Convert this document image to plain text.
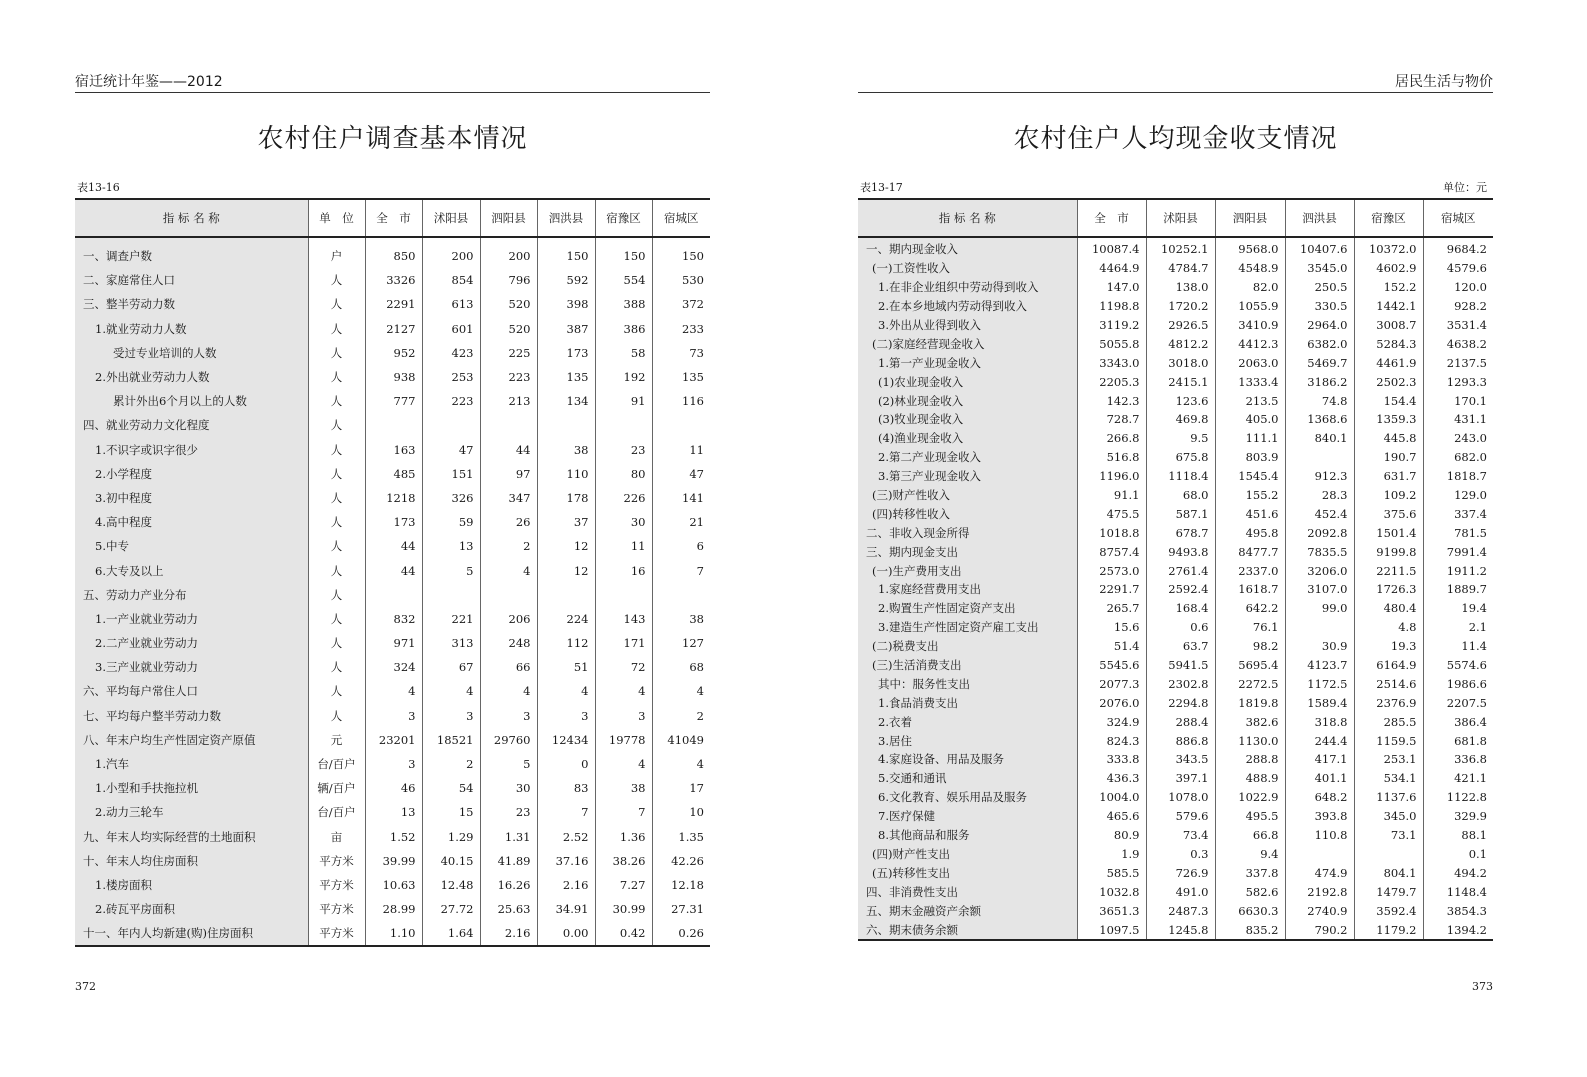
宿迁统计年鉴——2012
农村住户调查基本情况
表13-16
指 标 名 称	单　位	全　市	沭阳县	泗阳县	泗洪县	宿豫区	宿城区
一、调查户数	户	850	200	200	150	150	150
二、家庭常住人口	人	3326	854	796	592	554	530
三、整半劳动力数	人	2291	613	520	398	388	372
1.就业劳动力人数	人	2127	601	520	387	386	233
受过专业培训的人数	人	952	423	225	173	58	73
2.外出就业劳动力人数	人	938	253	223	135	192	135
累计外出6个月以上的人数	人	777	223	213	134	91	116
四、就业劳动力文化程度	人						
1.不识字或识字很少	人	163	47	44	38	23	11
2.小学程度	人	485	151	97	110	80	47
3.初中程度	人	1218	326	347	178	226	141
4.高中程度	人	173	59	26	37	30	21
5.中专	人	44	13	2	12	11	6
6.大专及以上	人	44	5	4	12	16	7
五、劳动力产业分布	人						
1.一产业就业劳动力	人	832	221	206	224	143	38
2.二产业就业劳动力	人	971	313	248	112	171	127
3.三产业就业劳动力	人	324	67	66	51	72	68
六、平均每户常住人口	人	4	4	4	4	4	4
七、平均每户整半劳动力数	人	3	3	3	3	3	2
八、年末户均生产性固定资产原值	元	23201	18521	29760	12434	19778	41049
1.汽车	台/百户	3	2	5	0	4	4
1.小型和手扶拖拉机	辆/百户	46	54	30	83	38	17
2.动力三轮车	台/百户	13	15	23	7	7	10
九、年末人均实际经营的土地面积	亩	1.52	1.29	1.31	2.52	1.36	1.35
十、年末人均住房面积	平方米	39.99	40.15	41.89	37.16	38.26	42.26
1.楼房面积	平方米	10.63	12.48	16.26	2.16	7.27	12.18
2.砖瓦平房面积	平方米	28.99	27.72	25.63	34.91	30.99	27.31
十一、年内人均新建(购)住房面积	平方米	1.10	1.64	2.16	0.00	0.42	0.26
372
居民生活与物价
农村住户人均现金收支情况
表13-17	单位：元
指 标 名 称	全　市	沭阳县	泗阳县	泗洪县	宿豫区	宿城区
一、期内现金收入	10087.4	10252.1	9568.0	10407.6	10372.0	9684.2
(一)工资性收入	4464.9	4784.7	4548.9	3545.0	4602.9	4579.6
1.在非企业组织中劳动得到收入	147.0	138.0	82.0	250.5	152.2	120.0
2.在本乡地域内劳动得到收入	1198.8	1720.2	1055.9	330.5	1442.1	928.2
3.外出从业得到收入	3119.2	2926.5	3410.9	2964.0	3008.7	3531.4
(二)家庭经营现金收入	5055.8	4812.2	4412.3	6382.0	5284.3	4638.2
1.第一产业现金收入	3343.0	3018.0	2063.0	5469.7	4461.9	2137.5
(1)农业现金收入	2205.3	2415.1	1333.4	3186.2	2502.3	1293.3
(2)林业现金收入	142.3	123.6	213.5	74.8	154.4	170.1
(3)牧业现金收入	728.7	469.8	405.0	1368.6	1359.3	431.1
(4)渔业现金收入	266.8	9.5	111.1	840.1	445.8	243.0
2.第二产业现金收入	516.8	675.8	803.9		190.7	682.0
3.第三产业现金收入	1196.0	1118.4	1545.4	912.3	631.7	1818.7
(三)财产性收入	91.1	68.0	155.2	28.3	109.2	129.0
(四)转移性收入	475.5	587.1	451.6	452.4	375.6	337.4
二、非收入现金所得	1018.8	678.7	495.8	2092.8	1501.4	781.5
三、期内现金支出	8757.4	9493.8	8477.7	7835.5	9199.8	7991.4
(一)生产费用支出	2573.0	2761.4	2337.0	3206.0	2211.5	1911.2
1.家庭经营费用支出	2291.7	2592.4	1618.7	3107.0	1726.3	1889.7
2.购置生产性固定资产支出	265.7	168.4	642.2	99.0	480.4	19.4
3.建造生产性固定资产雇工支出	15.6	0.6	76.1		4.8	2.1
(二)税费支出	51.4	63.7	98.2	30.9	19.3	11.4
(三)生活消费支出	5545.6	5941.5	5695.4	4123.7	6164.9	5574.6
其中：服务性支出	2077.3	2302.8	2272.5	1172.5	2514.6	1986.6
1.食品消费支出	2076.0	2294.8	1819.8	1589.4	2376.9	2207.5
2.衣着	324.9	288.4	382.6	318.8	285.5	386.4
3.居住	824.3	886.8	1130.0	244.4	1159.5	681.8
4.家庭设备、用品及服务	333.8	343.5	288.8	417.1	253.1	336.8
5.交通和通讯	436.3	397.1	488.9	401.1	534.1	421.1
6.文化教育、娱乐用品及服务	1004.0	1078.0	1022.9	648.2	1137.6	1122.8
7.医疗保健	465.6	579.6	495.5	393.8	345.0	329.9
8.其他商品和服务	80.9	73.4	66.8	110.8	73.1	88.1
(四)财产性支出	1.9	0.3	9.4			0.1
(五)转移性支出	585.5	726.9	337.8	474.9	804.1	494.2
四、非消费性支出	1032.8	491.0	582.6	2192.8	1479.7	1148.4
五、期末金融资产余额	3651.3	2487.3	6630.3	2740.9	3592.4	3854.3
六、期末债务余额	1097.5	1245.8	835.2	790.2	1179.2	1394.2
373
